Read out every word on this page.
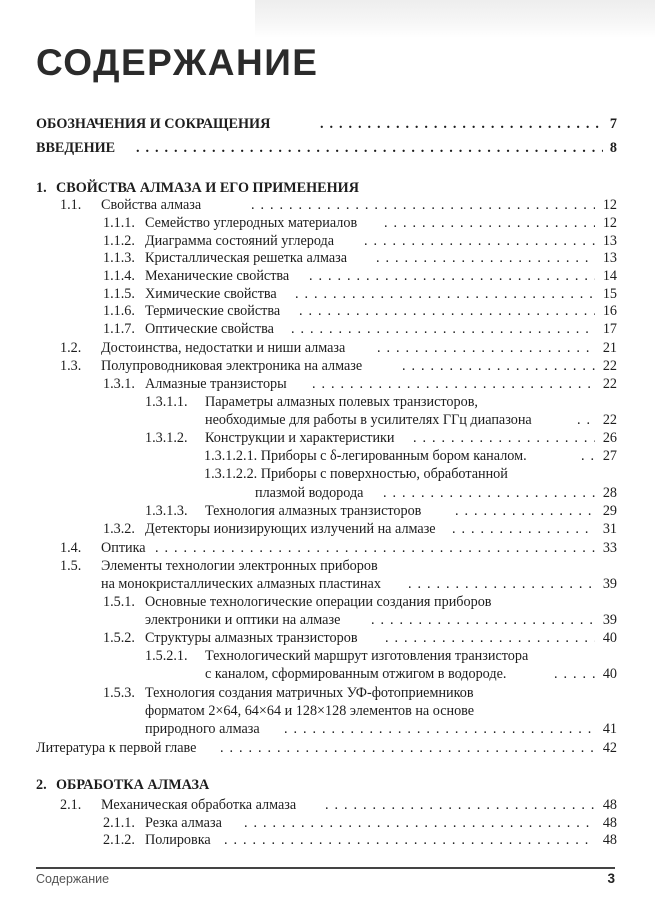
СОДЕРЖАНИЕ
ОБОЗНАЧЕНИЯ И СОКРАЩЕНИЯ . . .	7
ВВЕДЕНИЕ . . .	8
1. СВОЙСТВА АЛМАЗА И ЕГО ПРИМЕНЕНИЯ
1.1. Свойства алмаза . . .	12
1.1.1. Семейство углеродных материалов . . .	12
1.1.2. Диаграмма состояний углерода . . .	13
1.1.3. Кристаллическая решетка алмаза . . .	13
1.1.4. Механические свойства . . .	14
1.1.5. Химические свойства . . .	15
1.1.6. Термические свойства . . .	16
1.1.7. Оптические свойства . . .	17
1.2. Достоинства, недостатки и ниши алмаза . . .	21
1.3. Полупроводниковая электроника на алмазе . . .	22
1.3.1. Алмазные транзисторы . . .	22
1.3.1.1. Параметры алмазных полевых транзисторов,
необходимые для работы в усилителях ГГц диапазона . . .	22
1.3.1.2. Конструкции и характеристики . . .	26
1.3.1.2.1. Приборы с δ-легированным бором каналом. . . .	27
1.3.1.2.2. Приборы с поверхностью, обработанной
плазмой водорода . . .	28
1.3.1.3. Технология алмазных транзисторов . . .	29
1.3.2. Детекторы ионизирующих излучений на алмазе . . .	31
1.4. Оптика . . .	33
1.5. Элементы технологии электронных приборов
на монокристаллических алмазных пластинах . . .	39
1.5.1. Основные технологические операции создания приборов
электроники и оптики на алмазе . . .	39
1.5.2. Структуры алмазных транзисторов . . .	40
1.5.2.1. Технологический маршрут изготовления транзистора
с каналом, сформированным отжигом в водороде. . . .	40
1.5.3. Технология создания матричных УФ-фотоприемников
форматом 2×64, 64×64 и 128×128 элементов на основе
природного алмаза . . .	41
Литература к первой главе . . .	42
2. ОБРАБОТКА АЛМАЗА
2.1. Механическая обработка алмаза . . .	48
2.1.1. Резка алмаза . . .	48
2.1.2. Полировка . . .	48
Содержание	3
